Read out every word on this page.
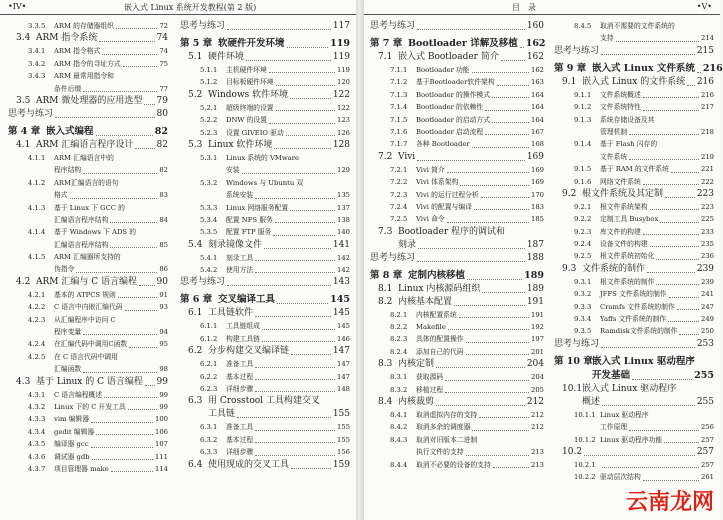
•IV•	嵌入式 Linux 系统开发教程(第 2 版)
3.3.5	ARM 的存储器组织	72
3.4 ARM 指令系统	74
3.4.1	ARM 指令格式	74
3.4.2	ARM 指令的寻址方式	75
3.4.3	ARM 最常用指令和
条件后缀	77
3.5 ARM 微处理器的应用选型 79
思考与练习	80
第 4 章 嵌入式编程	82
4.1 ARM 汇编语言程序设计	82
4.1.1	ARM 汇编语言中的
程序结构	82
4.1.2	ARM汇编语言的语句
格式	83
4.1.3	基于 Linux 下 GCC 的
汇编语言程序结构	84
4.1.4	基于 Windows 下 ADS 的
汇编语言程序结构	85
4.1.5	ARM 汇编器所支持的
伪指令	86
4.2 ARM 汇编与 C 语言编程 90
4.2.1	基本的 ATPCS 规则	91
4.2.2	C 语言中内嵌汇编代码	93
4.2.3	从汇编程序中访问 C
程序变量	94
4.2.4	在汇编代码中调用C函数	95
4.2.5	在 C 语言代码中调用
汇编函数	98
4.3 基于 Linux 的 C 语言编程 99
4.3.1	C 语言编程概述	99
4.3.2	Linux 下的 C 开发工具	99
4.3.3	vim 编辑器	100
4.3.4	gedit 编辑器	106
4.3.5	编译器 gcc	107
4.3.6	调试器 gdb	111
4.3.7	项目管理器 make	114
思考与练习	117
第 5 章 软硬件开发环境	119
5.1 硬件环境	119
5.1.1	主机硬件环境	119
5.1.2	目标板硬件环境	120
5.2 Windows 软件环境	122
5.2.1	超级终端的设置	122
5.2.2	DNW 的设置	123
5.2.3	设置 GIVEIO 驱动	126
5.3 Linux 软件环境	128
5.3.1	Linux 系统的 VMware
安装	129
5.3.2	Windows 与 Ubuntu 双
系统安装	135
5.3.3	Linux 网络服务配置	137
5.3.4	配置 NFS 服务	138
5.3.5	配置 FTP 服务	140
5.4 刻录镜像文件	141
5.4.1	刻录工具	142
5.4.2	使用方法	142
思考与练习	143
第 6 章 交叉编译工具	145
6.1 工具链软件	145
6.1.1	工具链组成	145
6.1.2	构建工具链	146
6.2 分步构建交叉编译链	147
6.2.1	准备工具	147
6.2.2	基本过程	147
6.2.3	详细步骤	148
6.3 用 Crosstool 工具构建交叉
工具链	155
6.3.1	准备工具	155
6.3.2	基本过程	155
6.3.3	详细步骤	156
6.4 使用现成的交叉工具	159
目　录	•V•
思考与练习	160
第 7 章 Bootloader 详解及移植 162
7.1 嵌入式 Bootloader 简介	162
7.1.1	Bootloader 功能	162
7.1.2	基于Bootloader软件架构	163
7.1.3	Bootloader 的操作模式	164
7.1.4	Bootloader 的依赖性	164
7.1.5	Bootloader 的启动方式	164
7.1.6	Bootloader 启动流程	167
7.1.7	各种 Bootloader	168
7.2 Vivi	169
7.2.1	Vivi 简介	169
7.2.2	Vivi 体系架构	169
7.2.3	Vivi 的运行过程分析	170
7.2.4	Vivi 的配置与编译	183
7.2.5	Vivi 命令	185
7.3 Bootloader 程序的调试和
刻录	187
思考与练习	188
第 8 章 定制内核移植	189
8.1 Linux 内核源码组织	189
8.2 内核基本配置	191
8.2.1	内核配置系统	191
8.2.2	Makefile	192
8.2.3	具体的配置操作	197
8.2.4	添加自己的代码	201
8.3 内核定制	204
8.3.1	获取源码	204
8.3.2	移植过程	205
8.4 内核裁剪	212
8.4.1	取消虚拟内存的支持	212
8.4.2	取消多余的调度器	212
8.4.3	取消对旧版本二进制
执行文件的支持	213
8.4.4	取消不必要的设备的支持	213
8.4.5	取消不需要的文件系统的
支持	214
思考与练习	215
第 9 章 嵌入式 Linux 文件系统 216
9.1 嵌入式 Linux 的文件系统 216
9.1.1	文件系统概述	216
9.1.2	文件系统特性	217
9.1.3	系统存储设备及其
管理机制	218
9.1.4	基于 Flash 闪存的
文件系统	219
9.1.5	基于 RAM 的文件系统	221
9.1.6	网络文件系统	222
9.2 根文件系统及其定制	223
9.2.1	根文件系统架构	223
9.2.2	定制工具 Busybox	225
9.2.3	库文件的构建	233
9.2.4	设备文件的构建	235
9.2.5	根文件系统初始化	236
9.3 文件系统的制作	239
9.3.1	根文件系统的制作	239
9.3.2	JFFS 文件系统的制作	241
9.3.3	Cramfs 文件系统的制作	247
9.3.4	Yaffs 文件系统的制作	249
9.3.5	Ramdisk文件系统的制作	250
思考与练习	253
第 10 章 嵌入式 Linux 驱动程序
开发基础	255
10.1 嵌入式 Linux 驱动程序
概述	255
10.1.1 Linux 驱动程序
工作原理	256
10.1.2 Linux 驱动程序功能	257
10.2	257
10.2.1	257
10.2.2 驱动层次结构	261
云南龙网
